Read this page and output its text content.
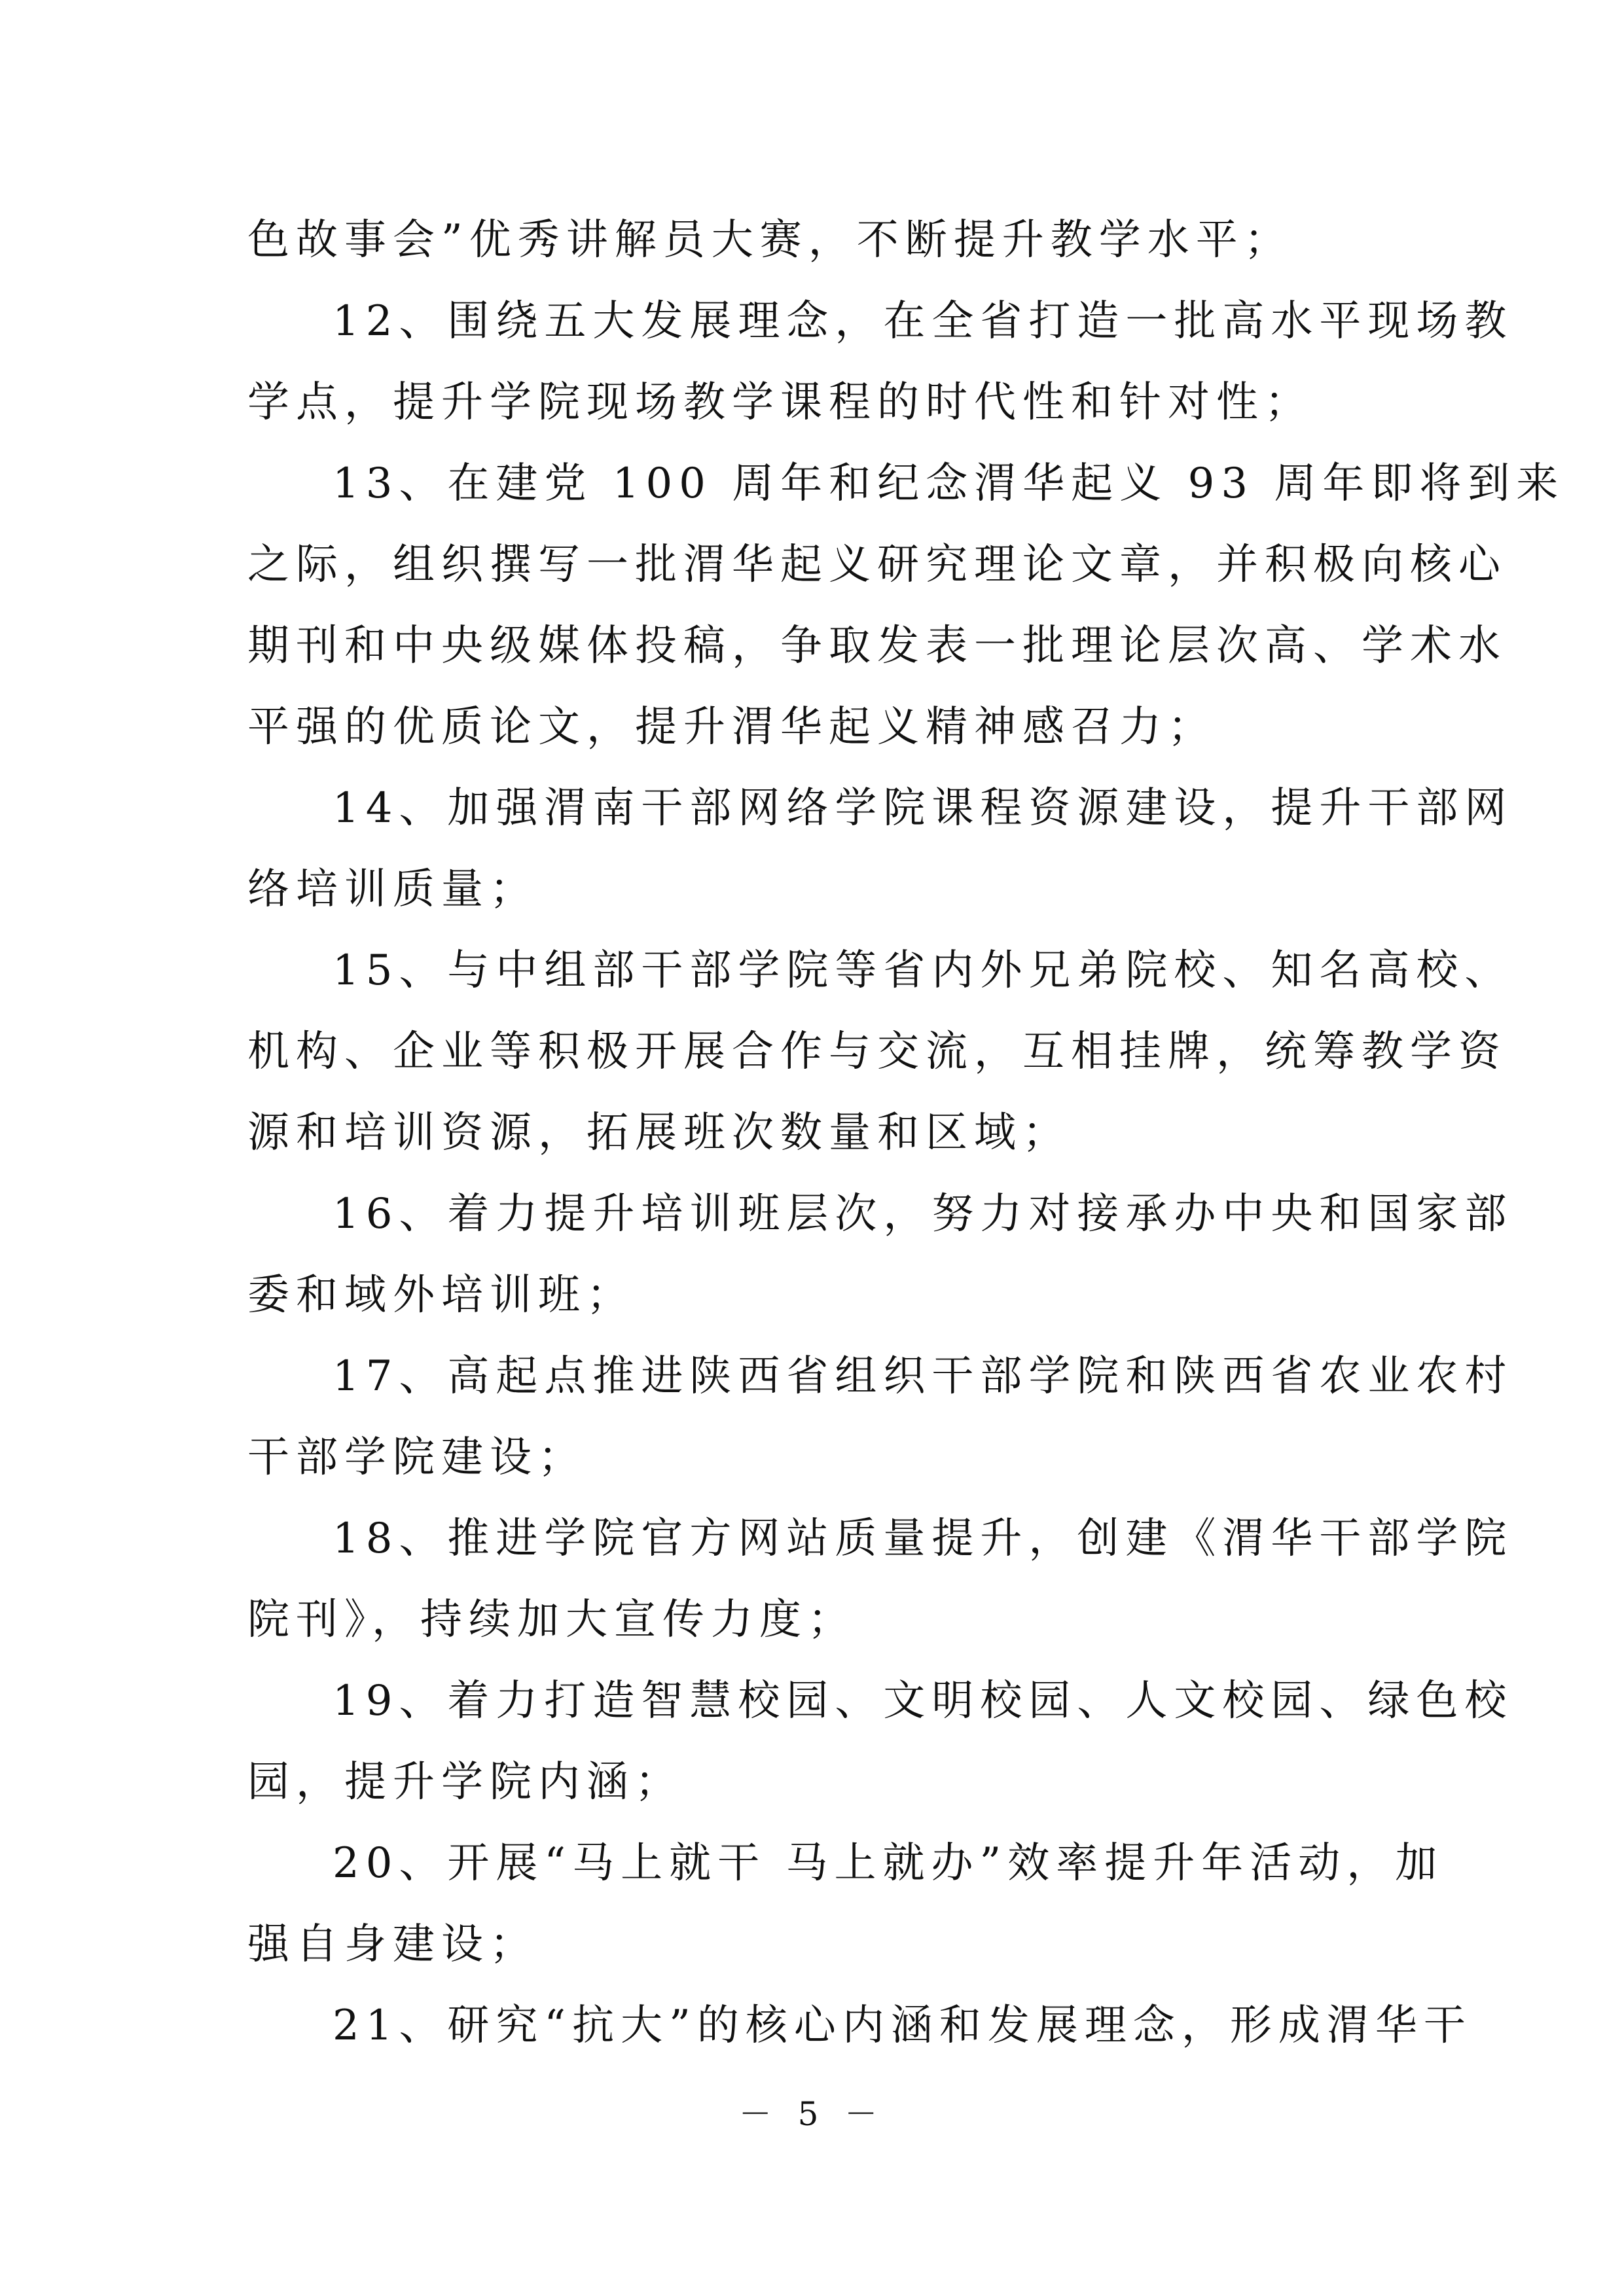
色故事会”优秀讲解员大赛，不断提升教学水平；
12、围绕五大发展理念，在全省打造一批高水平现场教
学点，提升学院现场教学课程的时代性和针对性；
13、在建党 100 周年和纪念渭华起义 93 周年即将到来
之际，组织撰写一批渭华起义研究理论文章，并积极向核心
期刊和中央级媒体投稿，争取发表一批理论层次高、学术水
平强的优质论文，提升渭华起义精神感召力；
14、加强渭南干部网络学院课程资源建设，提升干部网
络培训质量；
15、与中组部干部学院等省内外兄弟院校、知名高校、
机构、企业等积极开展合作与交流，互相挂牌，统筹教学资
源和培训资源，拓展班次数量和区域；
16、着力提升培训班层次，努力对接承办中央和国家部
委和域外培训班；
17、高起点推进陕西省组织干部学院和陕西省农业农村
干部学院建设；
18、推进学院官方网站质量提升，创建《渭华干部学院
院刊》，持续加大宣传力度；
19、着力打造智慧校园、文明校园、人文校园、绿色校
园，提升学院内涵；
20、开展“马上就干 马上就办”效率提升年活动，加
强自身建设；
21、研究“抗大”的核心内涵和发展理念，形成渭华干
－ 5 －
